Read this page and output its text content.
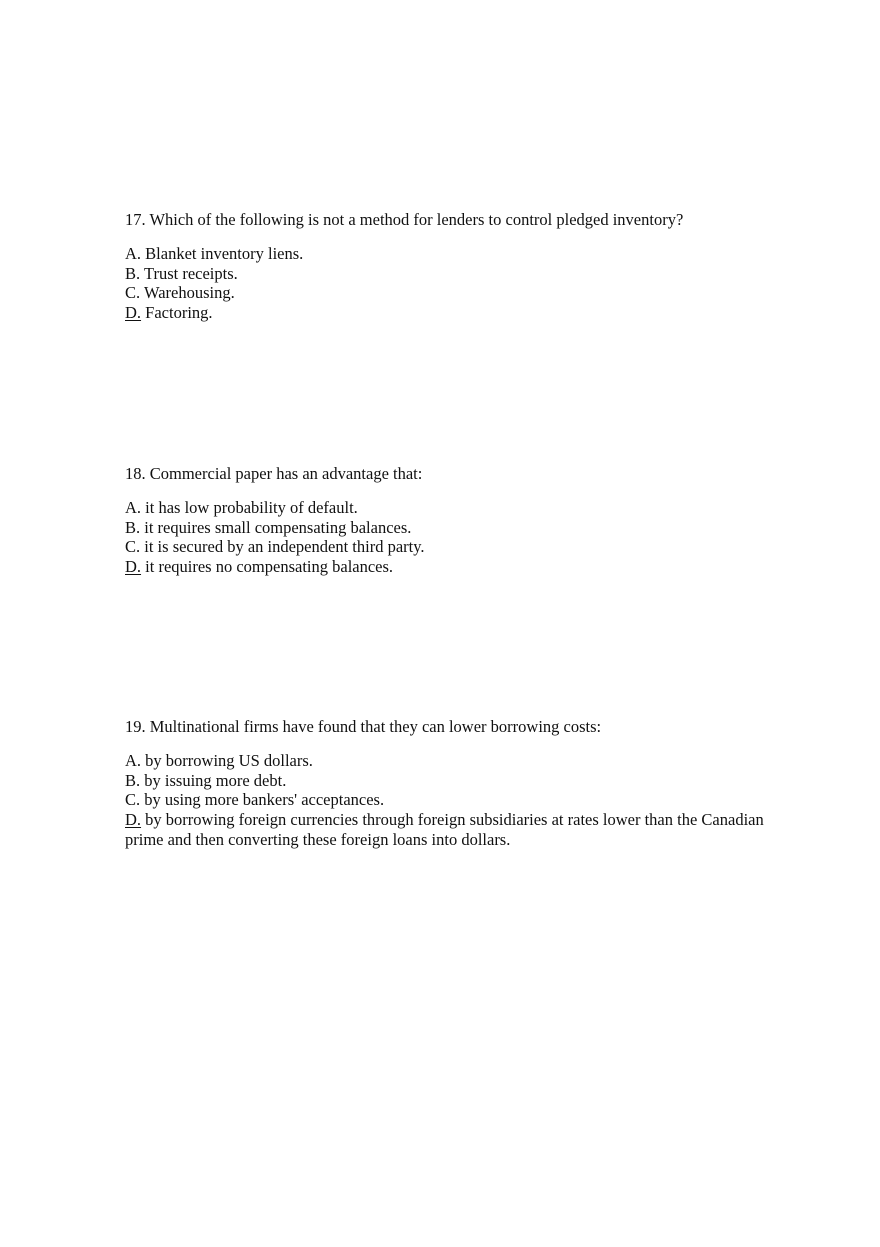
17. Which of the following is not a method for lenders to control pledged inventory?

A. Blanket inventory liens.
B. Trust receipts.
C. Warehousing.
D. Factoring.

18. Commercial paper has an advantage that:

A. it has low probability of default.
B. it requires small compensating balances.
C. it is secured by an independent third party.
D. it requires no compensating balances.

19. Multinational firms have found that they can lower borrowing costs:

A. by borrowing US dollars.
B. by issuing more debt.
C. by using more bankers' acceptances.
D. by borrowing foreign currencies through foreign subsidiaries at rates lower than the Canadian prime and then converting these foreign loans into dollars.
